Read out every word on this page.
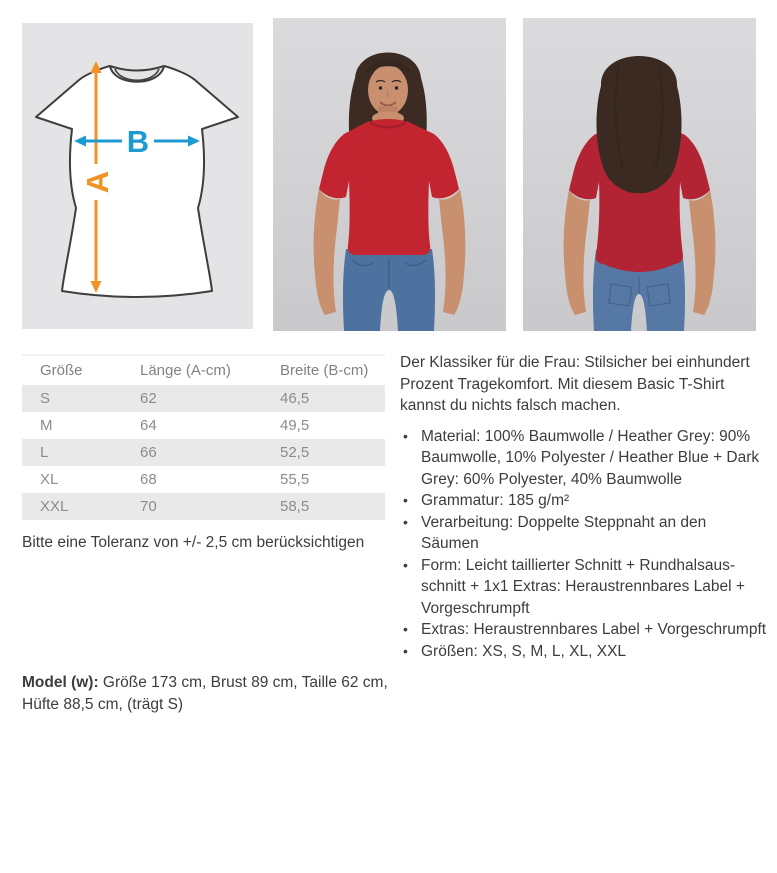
A
B
Größe	Länge (A-cm)	Breite (B-cm)
S	62	46,5
M	64	49,5
L	66	52,5
XL	68	55,5
XXL	70	58,5
Bitte eine Toleranz von +/- 2,5 cm berücksichtigen
Model (w): Größe 173 cm, Brust 89 cm, Taille 62 cm, Hüfte 88,5 cm, (trägt S)

Der Klassiker für die Frau: Stilsicher bei einhundert Prozent Tragekomfort. Mit diesem Basic T-Shirt kannst du nichts falsch machen.

• Material: 100% Baumwolle / Heather Grey: 90% Baumwolle, 10% Polyester / Heather Blue + Dark Grey: 60% Polyester, 40% Baumwolle
• Grammatur: 185 g/m²
• Verarbeitung: Doppelte Steppnaht an den Säumen
• Form: Leicht taillierter Schnitt + Rundhalsausschnitt + 1x1 Extras: Heraustrennbares Label + Vorgeschrumpft
• Extras: Heraustrennbares Label + Vorgeschrumpft
• Größen: XS, S, M, L, XL, XXL
